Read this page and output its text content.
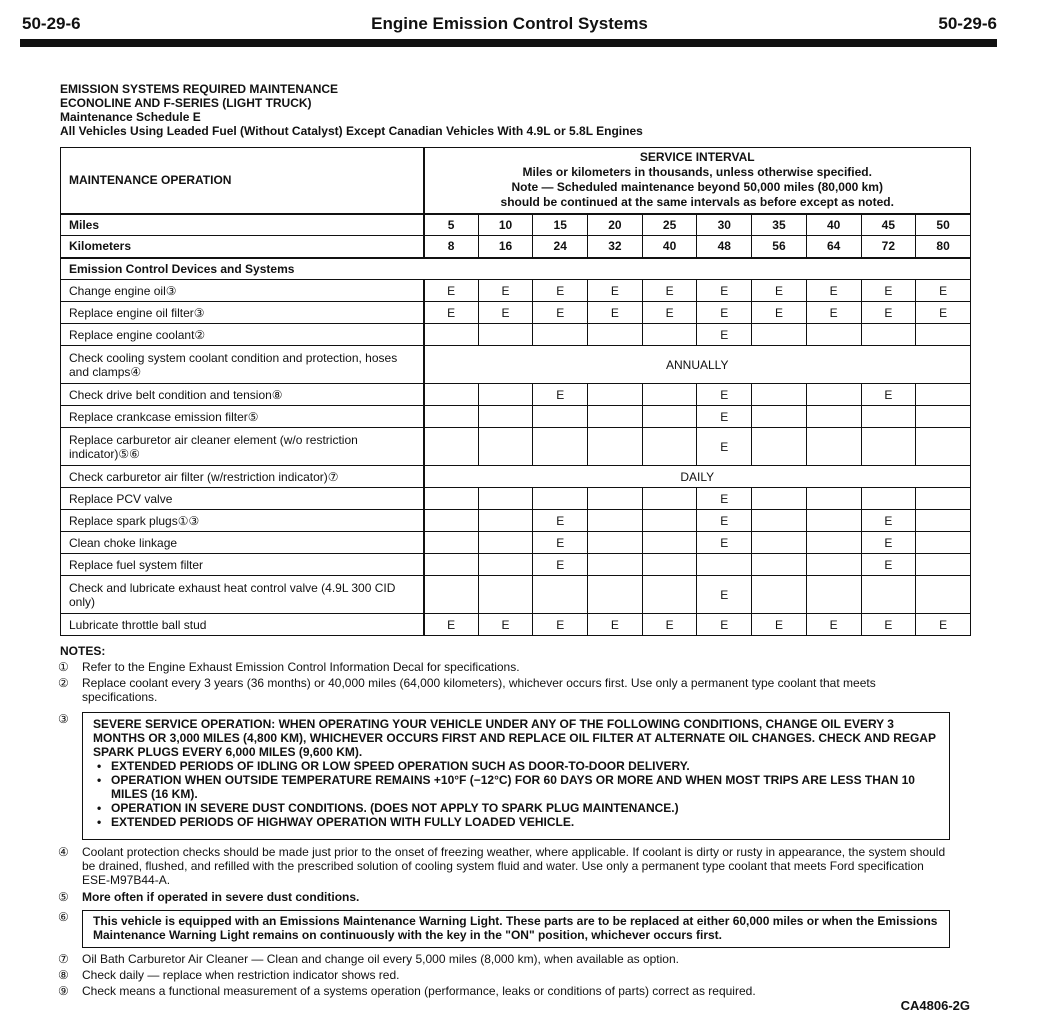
50-29-6	Engine Emission Control Systems	50-29-6
EMISSION SYSTEMS REQUIRED MAINTENANCE
ECONOLINE AND F-SERIES (LIGHT TRUCK)
Maintenance Schedule E
All Vehicles Using Leaded Fuel (Without Catalyst) Except Canadian Vehicles With 4.9L or 5.8L Engines
MAINTENANCE OPERATION	SERVICE INTERVAL
Miles or kilometers in thousands, unless otherwise specified.
Note — Scheduled maintenance beyond 50,000 miles (80,000 km)
should be continued at the same intervals as before except as noted.									

Miles	5	10	15	20	25	30	35	40	45	50
Kilometers	8	16	24	32	40	48	56	64	72	80
Emission Control Devices and Systems										
Change engine oil③	E	E	E	E	E	E	E	E	E	E
Replace engine oil filter③	E	E	E	E	E	E	E	E	E	E
Replace engine coolant②						E				
Check cooling system coolant condition and protection, hoses and clamps④	ANNUALLY									
Check drive belt condition and tension⑧			E			E			E	
Replace crankcase emission filter⑤						E				
Replace carburetor air cleaner element (w/o restriction indicator)⑤⑥						E				
Check carburetor air filter (w/restriction indicator)⑦	DAILY									
Replace PCV valve						E				
Replace spark plugs①③			E			E			E	
Clean choke linkage			E			E			E	
Replace fuel system filter			E						E	
Check and lubricate exhaust heat control valve (4.9L 300 CID only)						E				
Lubricate throttle ball stud	E	E	E	E	E	E	E	E	E	E
NOTES:
① Refer to the Engine Exhaust Emission Control Information Decal for specifications.
② Replace coolant every 3 years (36 months) or 40,000 miles (64,000 kilometers), whichever occurs first. Use only a permanent type coolant that meets specifications.
③ SEVERE SERVICE OPERATION: WHEN OPERATING YOUR VEHICLE UNDER ANY OF THE FOLLOWING CONDITIONS, CHANGE OIL EVERY 3 MONTHS OR 3,000 MILES (4,800 KM), WHICHEVER OCCURS FIRST AND REPLACE OIL FILTER AT ALTERNATE OIL CHANGES. CHECK AND REGAP SPARK PLUGS EVERY 6,000 MILES (9,600 KM).
• EXTENDED PERIODS OF IDLING OR LOW SPEED OPERATION SUCH AS DOOR-TO-DOOR DELIVERY.
• OPERATION WHEN OUTSIDE TEMPERATURE REMAINS +10°F (−12°C) FOR 60 DAYS OR MORE AND WHEN MOST TRIPS ARE LESS THAN 10 MILES (16 KM).
• OPERATION IN SEVERE DUST CONDITIONS. (DOES NOT APPLY TO SPARK PLUG MAINTENANCE.)
• EXTENDED PERIODS OF HIGHWAY OPERATION WITH FULLY LOADED VEHICLE.
④ Coolant protection checks should be made just prior to the onset of freezing weather, where applicable. If coolant is dirty or rusty in appearance, the system should be drained, flushed, and refilled with the prescribed solution of cooling system fluid and water. Use only a permanent type coolant that meets Ford specification ESE-M97B44-A.
⑤ More often if operated in severe dust conditions.
⑥	This vehicle is equipped with an Emissions Maintenance Warning Light. These parts are to be replaced at either 60,000 miles or when the Emissions Maintenance Warning Light remains on continuously with the key in the "ON" position, whichever occurs first.
⑦ Oil Bath Carburetor Air Cleaner — Clean and change oil every 5,000 miles (8,000 km), when available as option.
⑧ Check daily — replace when restriction indicator shows red.
⑨ Check means a functional measurement of a systems operation (performance, leaks or conditions of parts) correct as required.
CA4806-2G
